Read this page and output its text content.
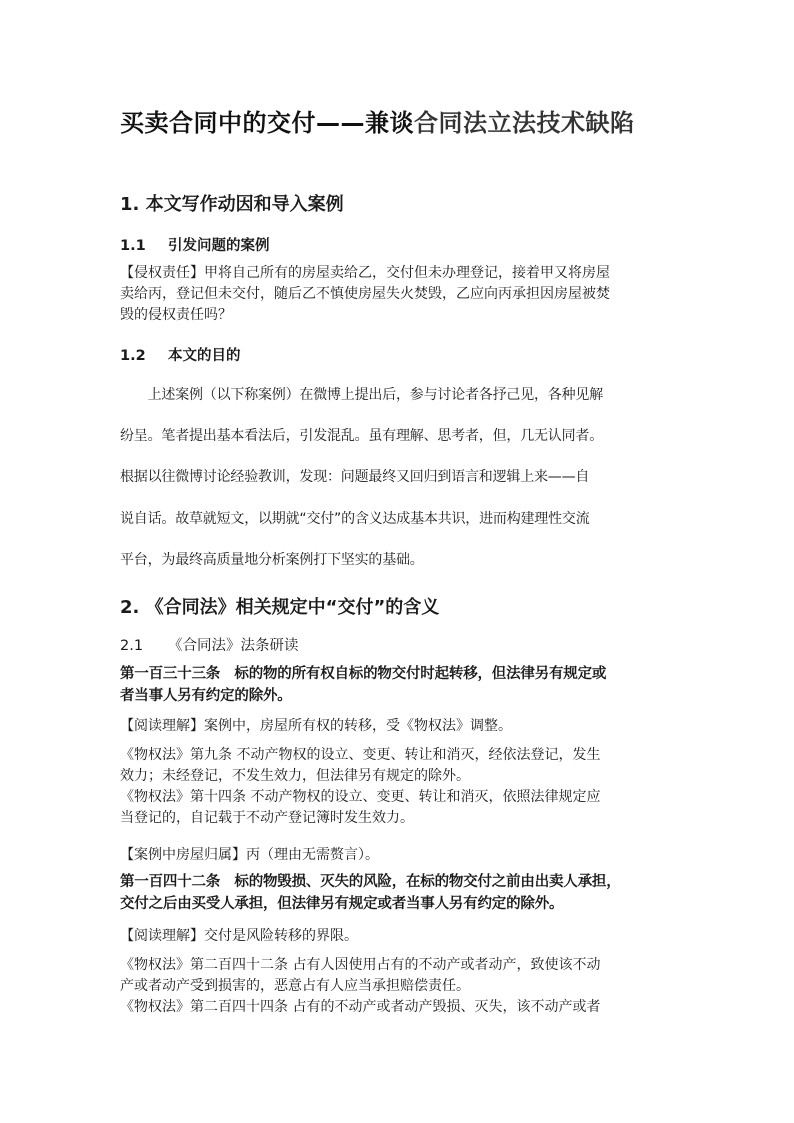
买卖合同中的交付——兼谈合同法立法技术缺陷
1. 本文写作动因和导入案例
1.1 引发问题的案例
【侵权责任】甲将自己所有的房屋卖给乙，交付但未办理登记，接着甲又将房屋
卖给丙，登记但未交付，随后乙不慎使房屋失火焚毁，乙应向丙承担因房屋被焚
毁的侵权责任吗？
1.2 本文的目的
　　上述案例（以下称案例）在微博上提出后，参与讨论者各抒己见，各种见解
纷呈。笔者提出基本看法后，引发混乱。虽有理解、思考者，但，几无认同者。
根据以往微博讨论经验教训，发现：问题最终又回归到语言和逻辑上来——自
说自话。故草就短文，以期就“交付”的含义达成基本共识，进而构建理性交流
平台，为最终高质量地分析案例打下坚实的基础。
2. 《合同法》相关规定中“交付”的含义
2.1 《合同法》法条研读
第一百三十三条　标的物的所有权自标的物交付时起转移，但法律另有规定或
者当事人另有约定的除外。
【阅读理解】案例中，房屋所有权的转移，受《物权法》调整。
《物权法》第九条 不动产物权的设立、变更、转让和消灭，经依法登记，发生
效力；未经登记，不发生效力，但法律另有规定的除外。
《物权法》第十四条 不动产物权的设立、变更、转让和消灭，依照法律规定应
当登记的，自记载于不动产登记簿时发生效力。
【案例中房屋归属】丙（理由无需赘言）。
第一百四十二条　标的物毁损、灭失的风险，在标的物交付之前由出卖人承担，
交付之后由买受人承担，但法律另有规定或者当事人另有约定的除外。
【阅读理解】交付是风险转移的界限。
《物权法》第二百四十二条 占有人因使用占有的不动产或者动产，致使该不动
产或者动产受到损害的，恶意占有人应当承担赔偿责任。
《物权法》第二百四十四条 占有的不动产或者动产毁损、灭失，该不动产或者
